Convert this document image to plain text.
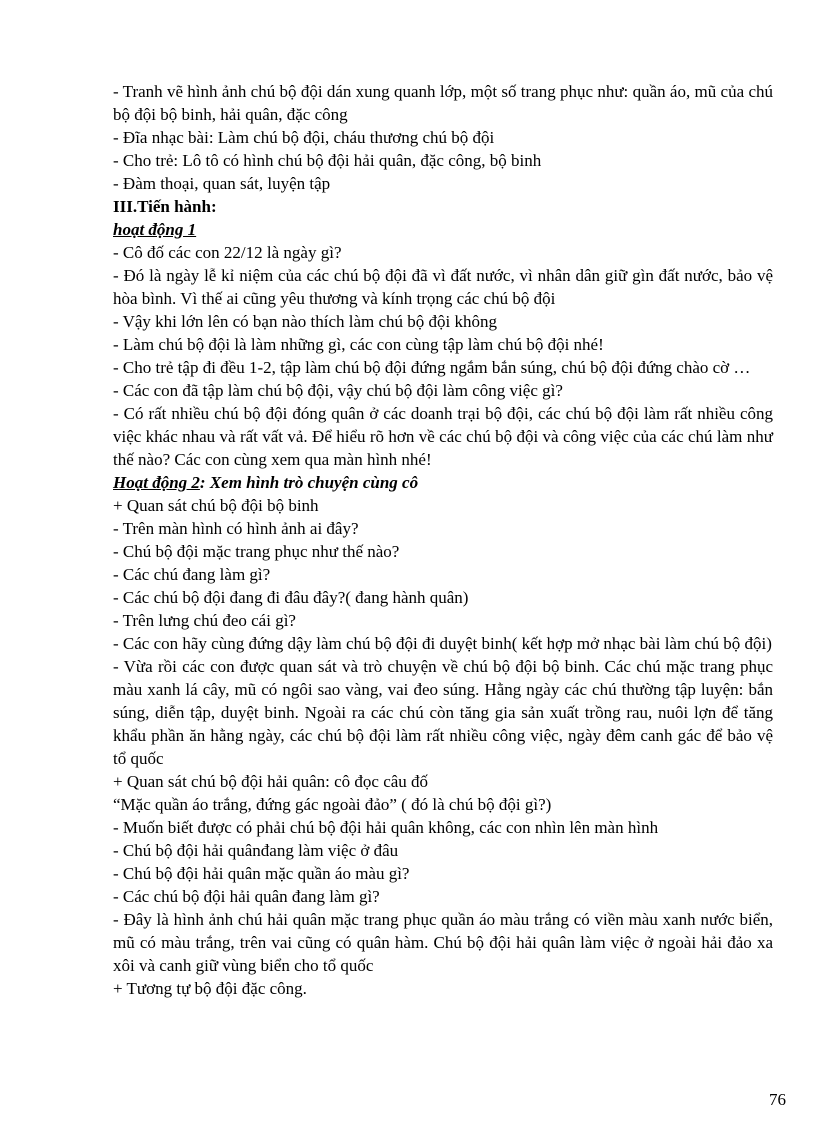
- Tranh vẽ hình ảnh chú bộ đội dán xung quanh lớp, một số trang phục như: quần áo, mũ của chú bộ đội bộ binh, hải quân, đặc công

- Đĩa nhạc bài: Làm chú bộ đội, cháu thương chú bộ đội

- Cho trẻ: Lô tô có hình chú bộ đội hải quân, đặc công, bộ binh

- Đàm thoại, quan sát, luyện tập

III.Tiến hành:

hoạt động 1

- Cô đố các con 22/12 là ngày gì?

- Đó là ngày lễ kỉ niệm của các chú bộ đội đã vì đất nước, vì nhân dân giữ gìn đất nước, bảo vệ hòa bình. Vì thế ai cũng yêu thương và kính trọng các chú bộ đội

- Vậy khi lớn lên có bạn nào thích làm chú bộ đội không

- Làm chú bộ đội là làm những gì, các con cùng tập làm chú bộ đội nhé!

- Cho trẻ tập đi đều 1-2, tập làm chú bộ đội đứng ngắm bắn súng, chú bộ đội đứng chào cờ …

- Các con đã tập làm chú bộ đội, vậy chú bộ đội làm công việc gì?

- Có rất nhiều chú bộ đội đóng quân ở các doanh trại bộ đội, các chú bộ đội làm rất nhiều công việc khác nhau và rất vất vả. Để hiểu rõ hơn về các chú bộ đội và công việc của các chú làm như thế nào? Các con cùng xem qua màn hình nhé!

Hoạt động 2: Xem hình trò chuyện cùng cô

+ Quan sát chú bộ đội bộ binh

- Trên màn hình có hình ảnh ai đây?

- Chú bộ đội mặc trang phục như thế nào?

- Các chú đang làm gì?

- Các chú bộ đội đang đi đâu đây?( đang hành quân)

- Trên lưng chú đeo cái gì?

- Các con hãy cùng đứng dậy làm chú bộ đội đi duyệt binh( kết hợp mở nhạc bài làm chú bộ đội)

- Vừa rồi các con được quan sát và trò chuyện về chú bộ đội bộ binh. Các chú mặc trang phục màu xanh lá cây, mũ có ngôi sao vàng, vai đeo súng. Hằng ngày các chú thường tập luyện: bắn súng, diễn tập, duyệt binh. Ngoài ra các chú còn tăng gia sản xuất trồng rau, nuôi lợn để tăng khẩu phần ăn hằng ngày, các chú bộ đội làm rất nhiều công việc, ngày đêm canh gác để bảo vệ tổ quốc

+ Quan sát chú bộ đội hải quân: cô đọc câu đố

“Mặc quần áo trắng, đứng gác ngoài đảo” ( đó là chú bộ đội gì?)

- Muốn biết được có phải chú bộ đội hải quân không, các con nhìn lên màn hình

- Chú bộ đội hải quânđang làm việc ở đâu

- Chú bộ đội hải quân mặc quần áo màu gì?

- Các chú bộ đội hải quân đang làm gì?

- Đây là hình ảnh chú hải quân mặc trang phục quần áo màu trắng có viền màu xanh nước biển, mũ có màu trắng, trên vai cũng có quân hàm. Chú bộ đội hải quân làm việc ở ngoài hải đảo xa xôi và canh giữ vùng biển cho tổ quốc

+ Tương tự bộ đội đặc công.

76
